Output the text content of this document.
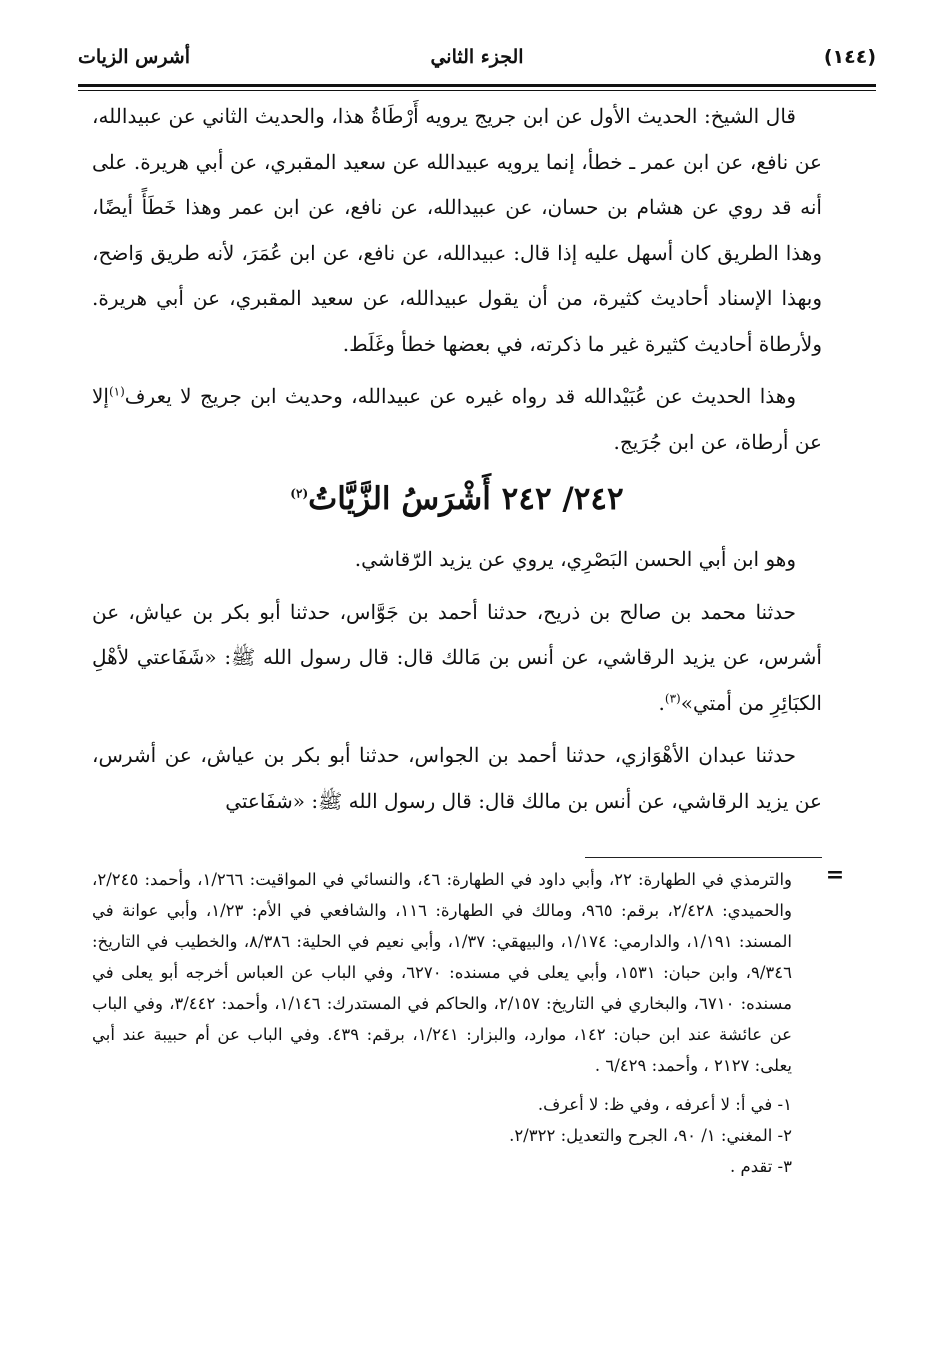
(١٤٤)
الجزء الثاني
أشرس الزيات

قال الشيخ: الحديث الأول عن ابن جريج يرويه أَرْطَاةُ هذا، والحديث الثاني عن عبيدالله، عن نافع، عن ابن عمر ـ خطأ، إنما يرويه عبيدالله عن سعيد المقبري، عن أبي هريرة. على أنه قد روي عن هشام بن حسان، عن عبيدالله، عن نافع، عن ابن عمر وهذا خَطَأً أيضًا، وهذا الطريق كان أسهل عليه إذا قال: عبيدالله، عن نافع، عن ابن عُمَرَ، لأنه طريق وَاضح، وبهذا الإسناد أحاديث كثيرة، من أن يقول عبيدالله، عن سعيد المقبري، عن أبي هريرة. ولأرطاة أحاديث كثيرة غير ما ذكرته، في بعضها خطأ وغَلَط.

وهذا الحديث عن عُبَيْدالله قد رواه غيره عن عبيدالله، وحديث ابن جريج لا يعرف$^{(١)}$إلا عن أرطاة، عن ابن جُرَيج.

٢٤٢/ ٢٤٢ أَشْرَسُ الزَّيَّاتُ$^{(٢)}$

وهو ابن أبي الحسن البَصْرِي، يروي عن يزيد الرّقاشي.

حدثنا محمد بن صالح بن ذريح، حدثنا أحمد بن جَوَّاس، حدثنا أبو بكر بن عياش، عن أشرس، عن يزيد الرقاشي، عن أنس بن مَالك قال: قال رسول الله ﷺ: «شَفَاعتي لأهْلِ الكبَائِرِ من أمتي»$^{(٣)}$.

حدثنا عبدان الأهْوَازي، حدثنا أحمد بن الجواس، حدثنا أبو بكر بن عياش، عن أشرس، عن يزيد الرقاشي، عن أنس بن مالك قال: قال رسول الله ﷺ: «شفَاعتي

=

والترمذي في الطهارة: ٢٢، وأبي داود في الطهارة: ٤٦، والنسائي في المواقيت: ١/٢٦٦، وأحمد: ٢/٢٤٥، والحميدي: ٢/٤٢٨، برقم: ٩٦٥، ومالك في الطهارة: ١١٦، والشافعي في الأم: ١/٢٣، وأبي عوانة في المسند: ١/١٩١، والدارمي: ١/١٧٤، والبيهقي: ١/٣٧، وأبي نعيم في الحلية: ٨/٣٨٦، والخطيب في التاريخ: ٩/٣٤٦، وابن حبان: ١٥٣١، وأبي يعلى في مسنده: ٦٢٧٠، وفي الباب عن العباس أخرجه أبو يعلى في مسنده: ٦٧١٠، والبخاري في التاريخ: ٢/١٥٧، والحاكم في المستدرك: ١/١٤٦، وأحمد: ٣/٤٤٢، وفي الباب عن عائشة عند ابن حبان: ١٤٢، موارد، والبزار: ١/٢٤١، برقم: ٤٣٩. وفي الباب عن أم حبيبة عند أبي يعلى: ٢١٢٧ ، وأحمد: ٦/٤٢٩ .

١- في أ: لا أعرفه ، وفي ظ: لا أعرف.

٢- المغني: ١/ ٩٠، الجرح والتعديل: ٢/٣٢٢.

٣- تقدم .
